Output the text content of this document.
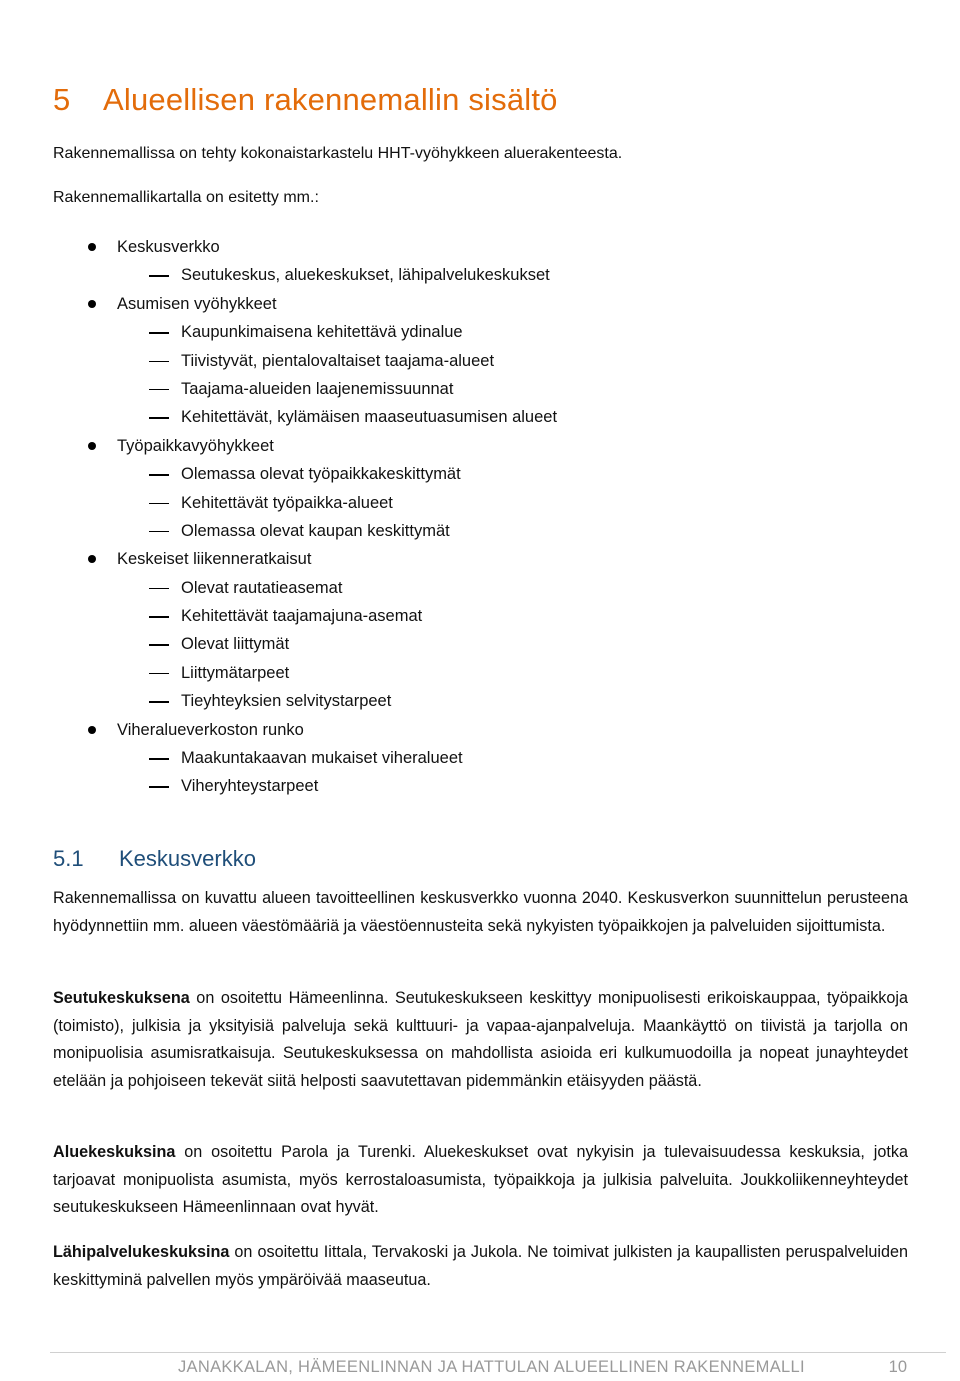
5 Alueellisen rakennemallin sisältö
Rakennemallissa on tehty kokonaistarkastelu HHT-vyöhykkeen aluerakenteesta.
Rakennemallikartalla on esitetty mm.:
Keskusverkko
Seutukeskus, aluekeskukset, lähipalvelukeskukset
Asumisen vyöhykkeet
Kaupunkimaisena kehitettävä ydinalue
Tiivistyvät, pientalovaltaiset taajama-alueet
Taajama-alueiden laajenemissuunnat
Kehitettävät, kylämäisen maaseutuasumisen alueet
Työpaikkavyöhykkeet
Olemassa olevat työpaikkakeskittymät
Kehitettävät työpaikka-alueet
Olemassa olevat kaupan keskittymät
Keskeiset liikenneratkaisut
Olevat rautatieasemat
Kehitettävät taajamajuna-asemat
Olevat liittymät
Liittymätarpeet
Tieyhteyksien selvitystarpeet
Viheralueverkoston runko
Maakuntakaavan mukaiset viheralueet
Viheryhteystarpeet
5.1 Keskusverkko
Rakennemallissa on kuvattu alueen tavoitteellinen keskusverkko vuonna 2040. Keskusverkon suunnittelun perusteena hyödynnettiin mm. alueen väestömääriä ja väestöennusteita sekä nykyisten työpaikkojen ja palveluiden sijoittumista.
Seutukeskuksena on osoitettu Hämeenlinna. Seutukeskukseen keskittyy monipuolisesti erikoiskauppaa, työpaikkoja (toimisto), julkisia ja yksityisiä palveluja sekä kulttuuri- ja vapaa-ajanpalveluja. Maankäyttö on tiivistä ja tarjolla on monipuolisia asumisratkaisuja. Seutukeskuksessa on mahdollista asioida eri kulkumuodoilla ja nopeat junayhteydet etelään ja pohjoiseen tekevät siitä helposti saavutettavan pidemmänkin etäisyyden päästä.
Aluekeskuksina on osoitettu Parola ja Turenki. Aluekeskukset ovat nykyisin ja tulevaisuudessa keskuksia, jotka tarjoavat monipuolista asumista, myös kerrostaloasumista, työpaikkoja ja julkisia palveluita. Joukkoliikenneyhteydet seutukeskukseen Hämeenlinnaan ovat hyvät.
Lähipalvelukeskuksina on osoitettu Iittala, Tervakoski ja Jukola. Ne toimivat julkisten ja kaupallisten peruspalveluiden keskittyminä palvellen myös ympäröivää maaseutua.
JANAKKALAN, HÄMEENLINNAN JA HATTULAN ALUEELLINEN RAKENNEMALLI	10
